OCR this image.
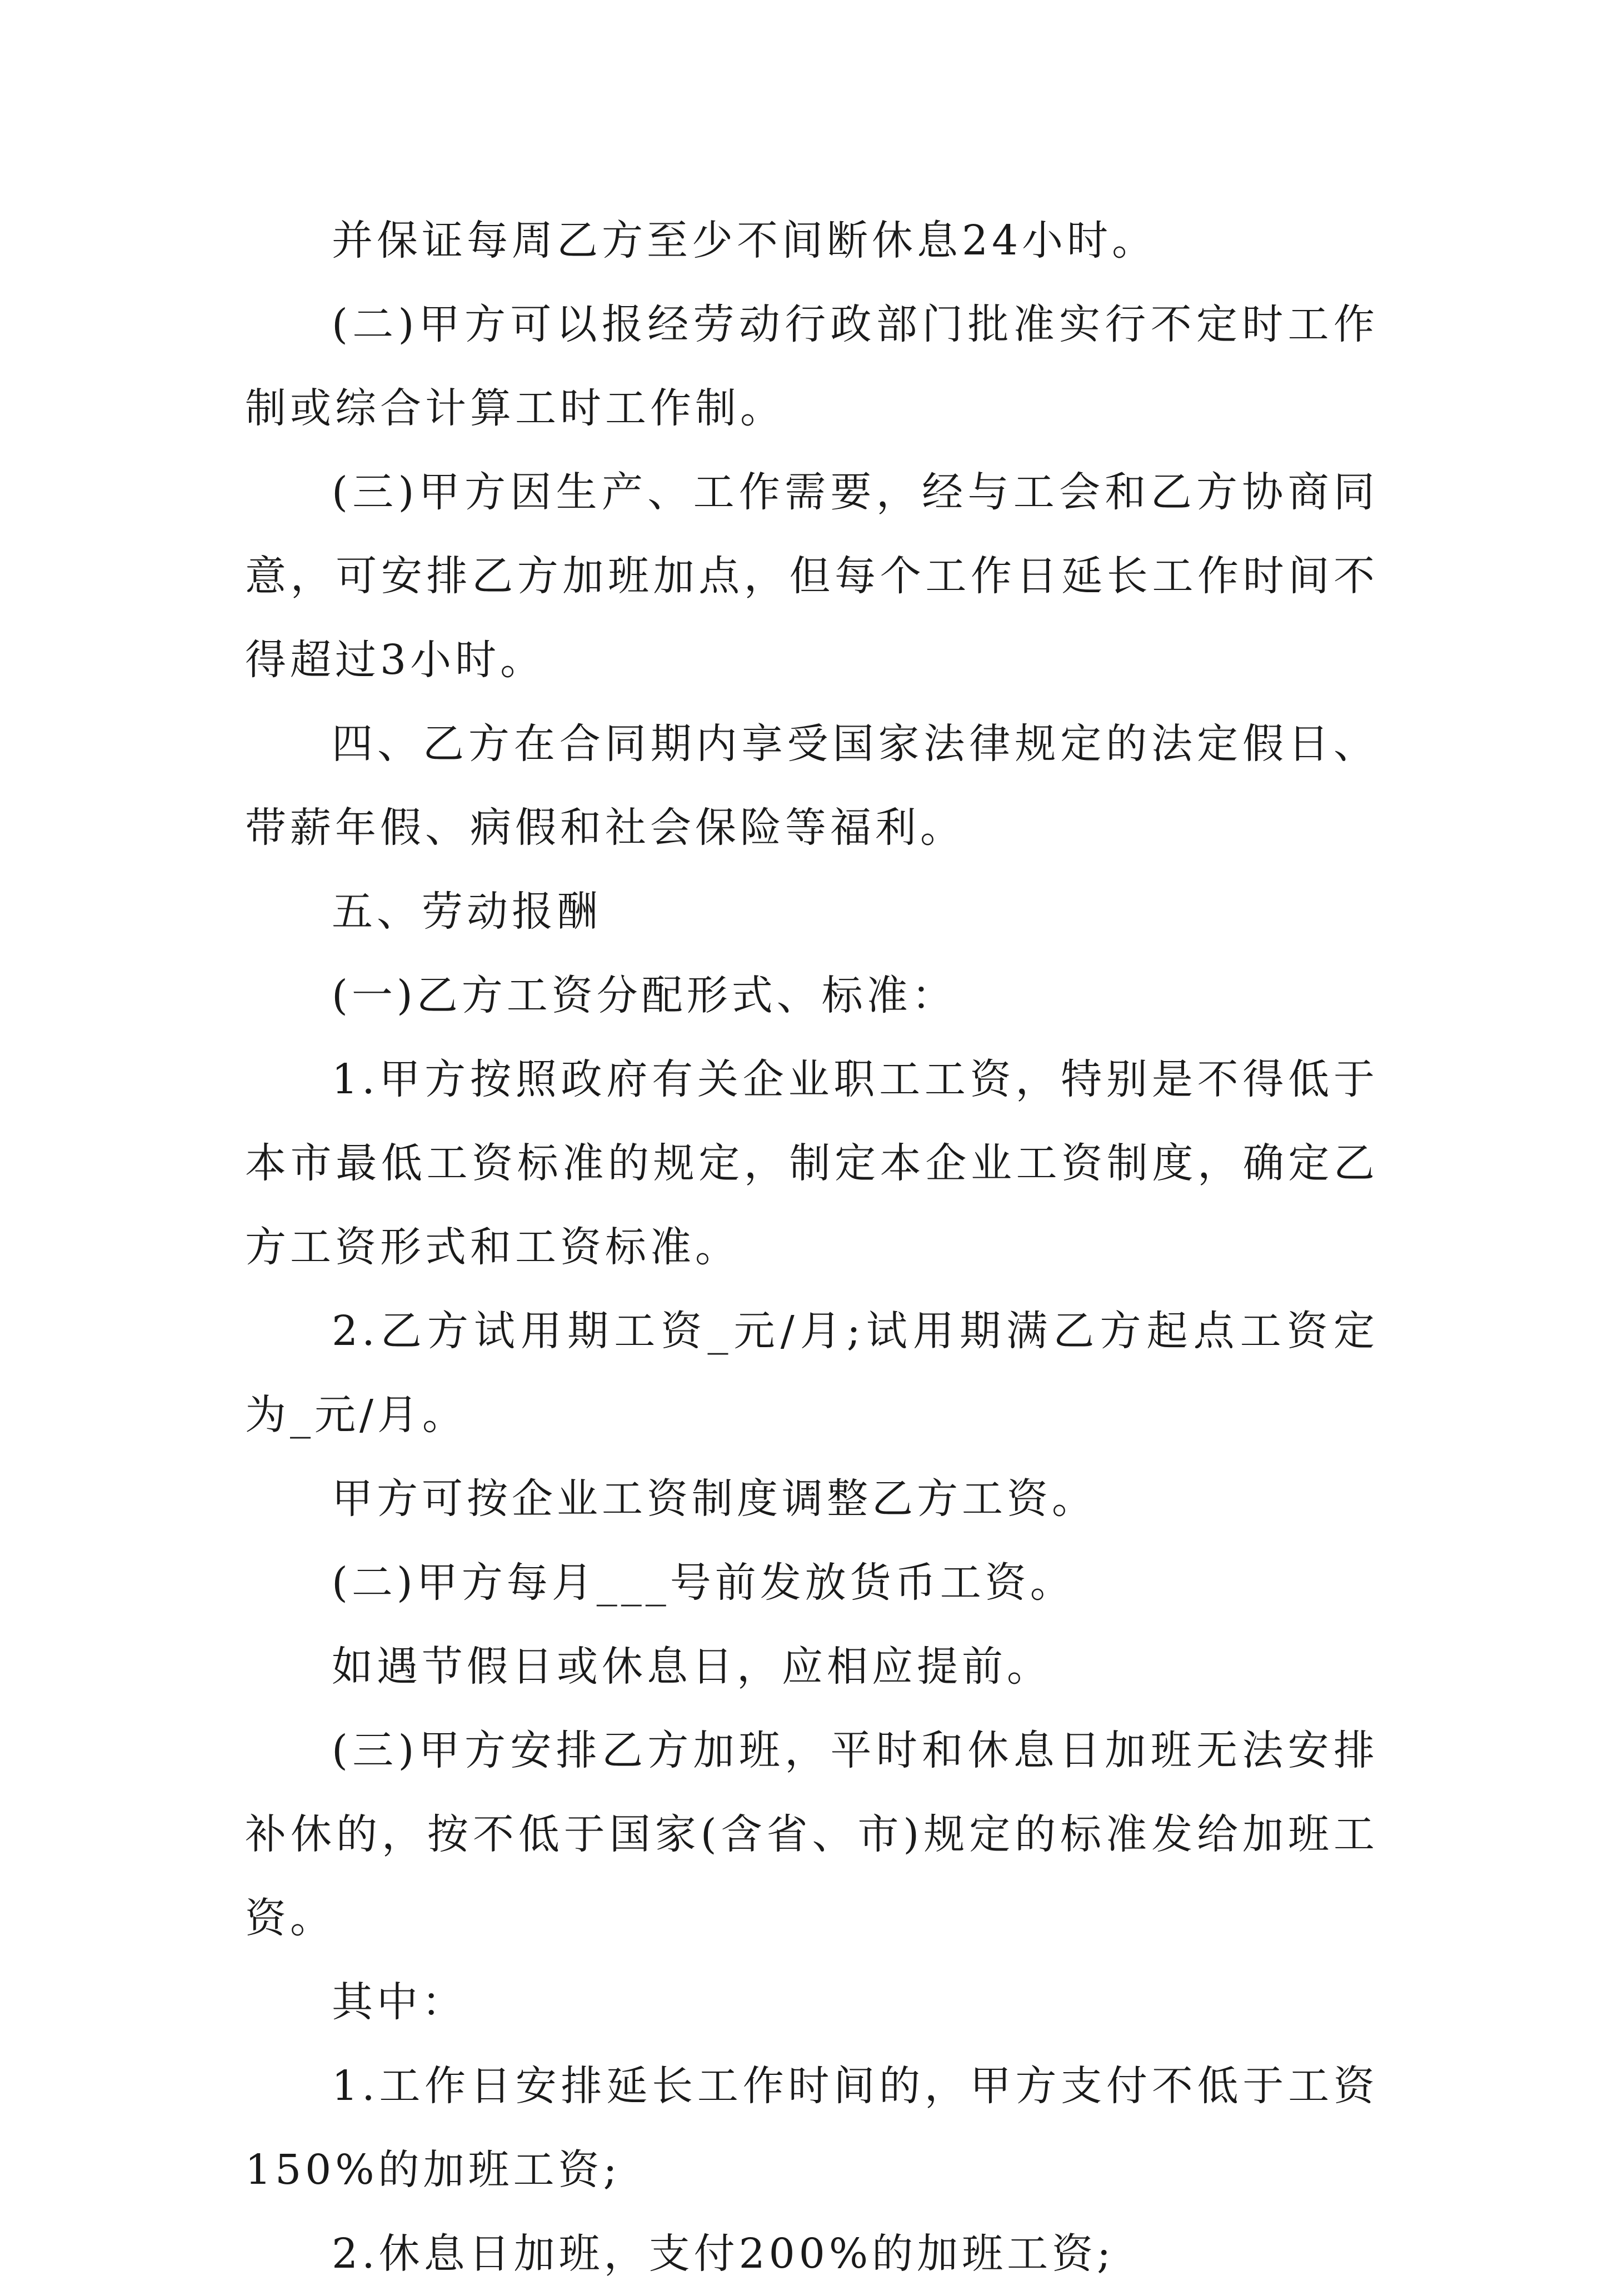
并保证每周乙方至少不间断休息24小时。

(二)甲方可以报经劳动行政部门批准实行不定时工作制或综合计算工时工作制。

(三)甲方因生产、工作需要，经与工会和乙方协商同意，可安排乙方加班加点，但每个工作日延长工作时间不得超过3小时。

四、乙方在合同期内享受国家法律规定的法定假日、带薪年假、病假和社会保险等福利。

五、劳动报酬

(一)乙方工资分配形式、标准：

1.甲方按照政府有关企业职工工资，特别是不得低于本市最低工资标准的规定，制定本企业工资制度，确定乙方工资形式和工资标准。

2.乙方试用期工资_元/月;试用期满乙方起点工资定为_元/月。

甲方可按企业工资制度调整乙方工资。

(二)甲方每月___号前发放货币工资。

如遇节假日或休息日，应相应提前。

(三)甲方安排乙方加班，平时和休息日加班无法安排补休的，按不低于国家(含省、市)规定的标准发给加班工资。

其中：

1.工作日安排延长工作时间的，甲方支付不低于工资150%的加班工资;

2.休息日加班，支付200%的加班工资;
